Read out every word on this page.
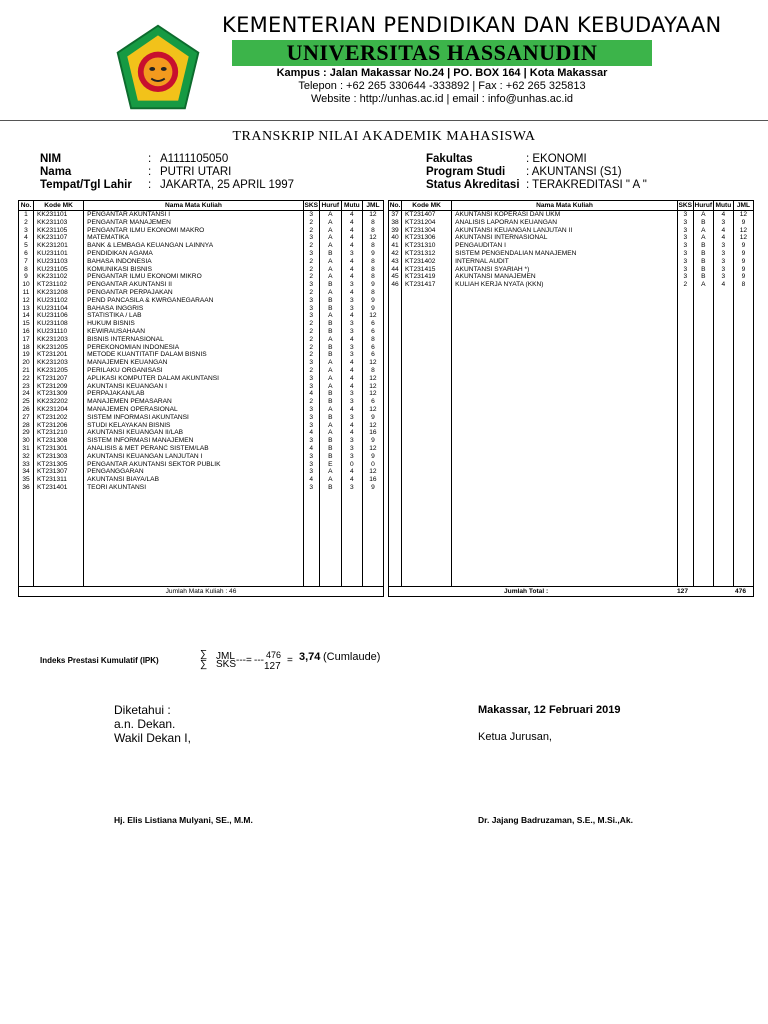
KEMENTERIAN PENDIDIKAN DAN KEBUDAYAAN
UNIVERSITAS HASSANUDIN
Kampus : Jalan Makassar No.24 | PO. BOX 164 | Kota Makassar
Telepon : +62 265 330644 -333892 | Fax : +62 265 325813
Website : http://unhas.ac.id | email : info@unhas.ac.id
TRANSKRIP NILAI AKADEMIK MAHASISWA
NIM	: A1111105050
Nama	: PUTRI UTARI
Tempat/Tgl Lahir : JAKARTA, 25 APRIL 1997
Fakultas	: EKONOMI
Program Studi : AKUNTANSI (S1)
Status Akreditasi : TERAKREDITASI " A "
No.	Kode MK	Nama Mata Kuliah	SKS	Huruf	Mutu	JML
1	KK231101	PENGANTAR AKUNTANSI I	3	A	4	12
2	KK231103	PENGANTAR MANAJEMEN	2	A	4	8
3	KK231105	PENGANTAR ILMU EKONOMI MAKRO	2	A	4	8
4	KK231107	MATEMATIKA	3	A	4	12
5	KK231201	BANK & LEMBAGA KEUANGAN LAINNYA	2	A	4	8
6	KU231101	PENDIDIKAN AGAMA	3	B	3	9
7	KU231103	BAHASA INDONESIA	2	A	4	8
8	KU231105	KOMUNIKASI BISNIS	2	A	4	8
9	KK231102	PENGANTAR ILMU EKONOMI MIKRO	2	A	4	8
10	KT231102	PENGANTAR AKUNTANSI II	3	B	3	9
11	KK231208	PENGANTAR PERPAJAKAN	2	A	4	8
12	KU231102	PEND PANCASILA & KWRGANEGARAAN	3	B	3	9
13	KU231104	BAHASA INGGRIS	3	B	3	9
14	KU231106	STATISTIKA / LAB	3	A	4	12
15	KU231108	HUKUM BISNIS	2	B	3	6
16	KU231110	KEWIRAUSAHAAN	2	B	3	6
17	KK231203	BISNIS INTERNASIONAL	2	A	4	8
18	KK231205	PEREKONOMIAN INDONESIA	2	B	3	6
19	KT231201	METODE KUANTITATIF DALAM BISNIS	2	B	3	6
20	KK231203	MANAJEMEN KEUANGAN	3	A	4	12
21	KK231205	PERILAKU ORGANISASI	2	A	4	8
22	KT231207	APLIKASI KOMPUTER DALAM AKUNTANSI	3	A	4	12
23	KT231209	AKUNTANSI KEUANGAN I	3	A	4	12
24	KT231309	PERPAJAKAN/LAB	4	B	3	12
25	KK232202	MANAJEMEN PEMASARAN	2	B	3	6
26	KK231204	MANAJEMEN OPERASIONAL	3	A	4	12
27	KT231202	SISTEM INFORMASI AKUNTANSI	3	B	3	9
28	KT231206	STUDI KELAYAKAN BISNIS	3	A	4	12
29	KT231210	AKUNTANSI KEUANGAN II/LAB	4	A	4	16
30	KT231308	SISTEM INFORMASI MANAJEMEN	3	B	3	9
31	KT231301	ANALISIS & MET PERANC SISTEM/LAB	4	B	3	12
32	KT231303	AKUNTANSI KEUANGAN LANJUTAN I	3	B	3	9
33	KT231305	PENGANTAR AKUNTANSI SEKTOR PUBLIK	3	E	0	0
34	KT231307	PENGANGGARAN	3	A	4	12
35	KT231311	AKUNTANSI BIAYA/LAB	4	A	4	16
36	KT231401	TEORI AKUNTANSI	3	B	3	9

Jumlah Mata Kuliah : 46
No.	Kode MK	Nama Mata Kuliah	SKS	Huruf	Mutu	JML
37	KT231407	AKUNTANSI KOPERASI DAN UKM	3	A	4	12
38	KT231204	ANALISIS LAPORAN KEUANGAN	3	B	3	9
39	KT231304	AKUNTANSI KEUANGAN LANJUTAN II	3	A	4	12
40	KT231306	AKUNTANSI INTERNASIONAL	3	A	4	12
41	KT231310	PENGAUDITAN I	3	B	3	9
42	KT231312	SISTEM PENGENDALIAN MANAJEMEN	3	B	3	9
43	KT231402	INTERNAL AUDIT	3	B	3	9
44	KT231415	AKUNTANSI SYARIAH *)	3	B	3	9
45	KT231419	AKUNTANSI MANAJEMEN	3	B	3	9
46	KT231417	KULIAH KERJA NYATA (KKN)	2	A	4	8

Jumlah Total :	127	476
Indeks Prestasi Kumulatif (IPK)
∑
∑
JML
SKS --- = --- 476
127
= 3,74 (Cumlaude)
Diketahui :
a.n. Dekan.
Wakil Dekan I,
Hj. Elis Listiana Mulyani, SE., M.M.
Makassar, 12 Februari 2019
Ketua Jurusan,
Dr. Jajang Badruzaman, S.E., M.Si.,Ak.
